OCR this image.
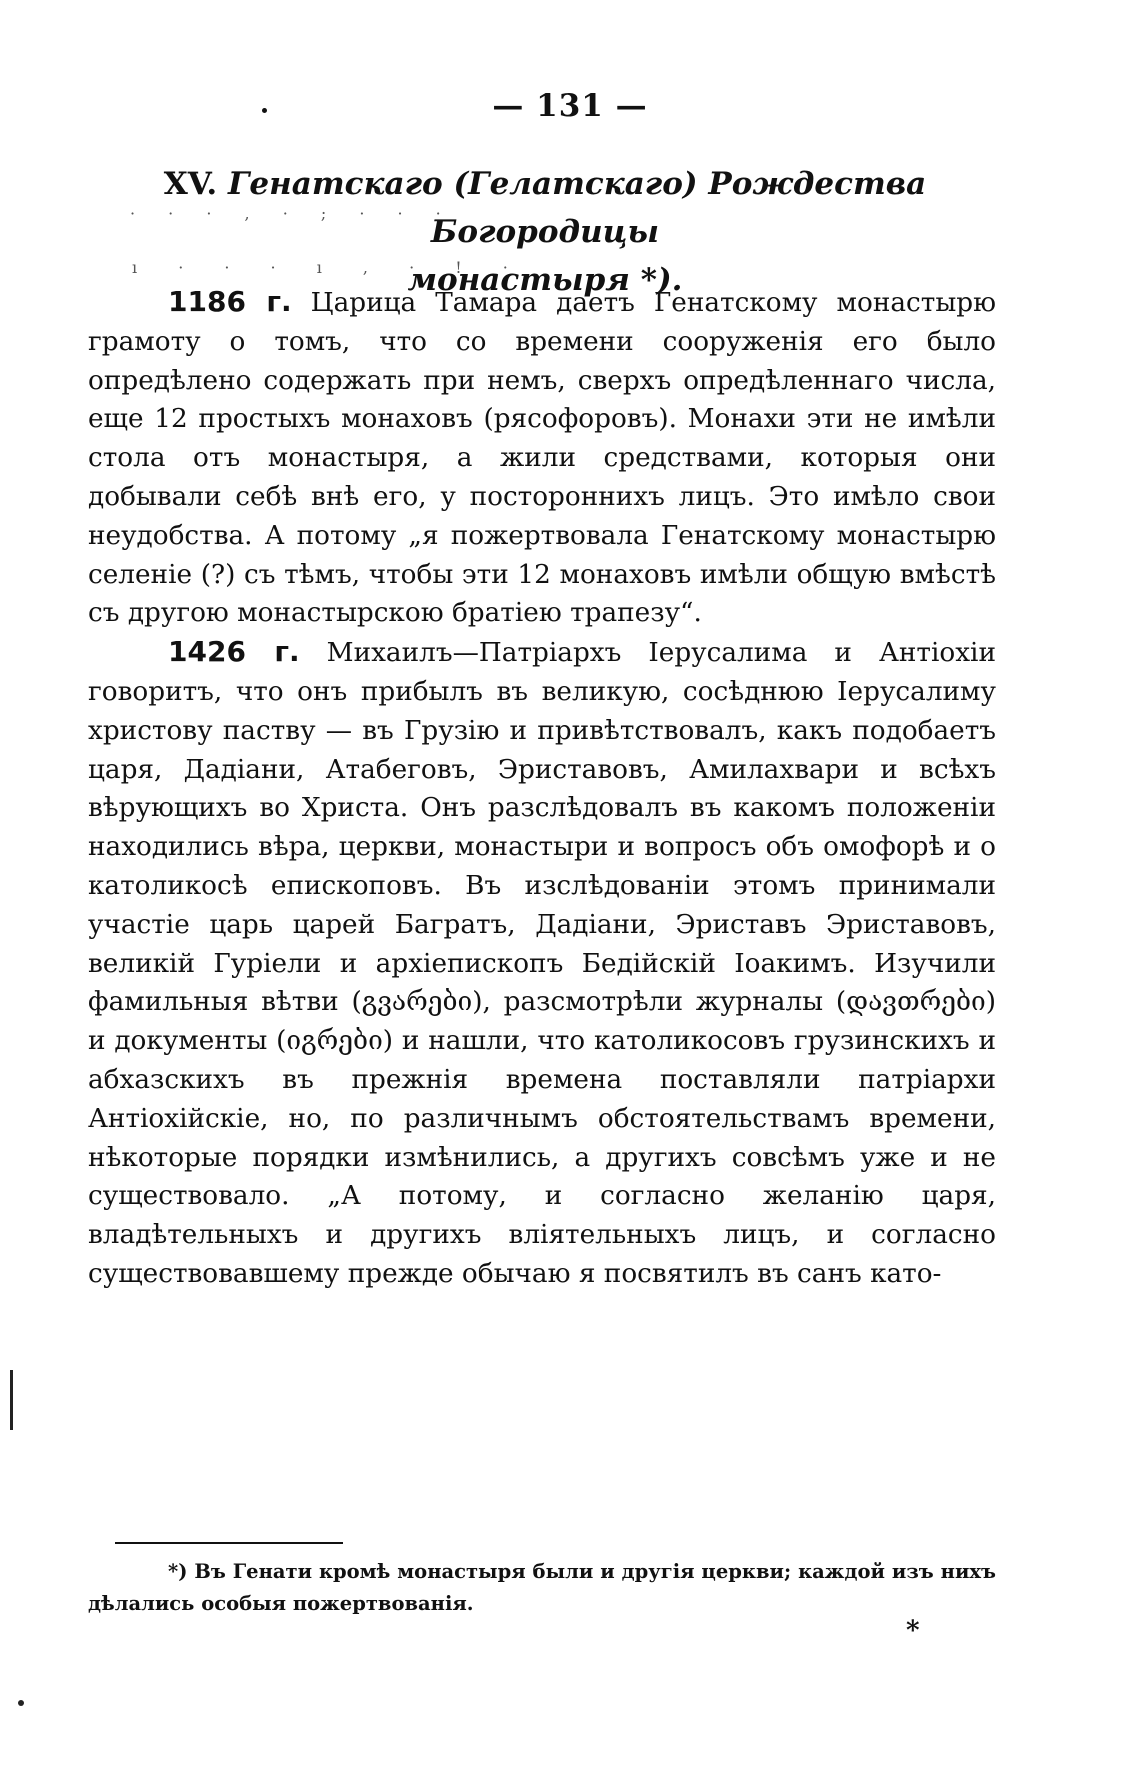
— 131 —
XV. Генатскаго (Гелатскаго) Рождества Богородицы
монастыря *).
· · · , · ; · · ·
ı · · · ı , · ! ·

1186 г. Царица Тамара даетъ Генатскому монастырю грамоту о томъ, что со времени сооруженія его было опредѣлено содержать при немъ, сверхъ опредѣленнаго числа, еще 12 простыхъ монаховъ (рясофоровъ). Монахи эти не имѣли стола отъ монастыря, а жили средствами, которыя они добывали себѣ внѣ его, у постороннихъ лицъ. Это имѣло свои неудобства. А потому „я пожертвовала Генатскому монастырю селеніе (?) съ тѣмъ, чтобы эти 12 монаховъ имѣли общую вмѣстѣ съ другою монастырскою братіею трапезу“.

1426 г. Михаилъ—Патріархъ Іерусалима и Антіохіи говоритъ, что онъ прибылъ въ великую, сосѣднюю Іерусалиму христову паству — въ Грузію и привѣтствовалъ, какъ подобаетъ царя, Дадіани, Атабеговъ, Эриставовъ, Амилахвари и всѣхъ вѣрующихъ во Христа. Онъ разслѣдовалъ въ какомъ положеніи находились вѣра, церкви, монастыри и вопросъ объ омофорѣ и о католикосѣ епископовъ. Въ изслѣдованіи этомъ принимали участіе царь царей Багратъ, Дадіани, Эриставъ Эриставовъ, великій Гуріели и архіепископъ Бедійскій Іоакимъ. Изучили фамильныя вѣтви (გვარები), разсмотрѣли журналы (დავთრები) и документы (იგრები) и нашли, что католикосовъ грузинскихъ и абхазскихъ въ прежнія времена поставляли патріархи Антіохійскіе, но, по различнымъ обстоятельствамъ времени, нѣкоторые порядки измѣнились, а другихъ совсѣмъ уже и не существовало. „А потому, и согласно желанію царя, владѣтельныхъ и другихъ вліятельныхъ лицъ, и согласно существовавшему прежде обычаю я посвятилъ въ санъ като-

*) Въ Генати кромѣ монастыря были и другія церкви; каждой изъ нихъ дѣлались особыя пожертвованія.

*
